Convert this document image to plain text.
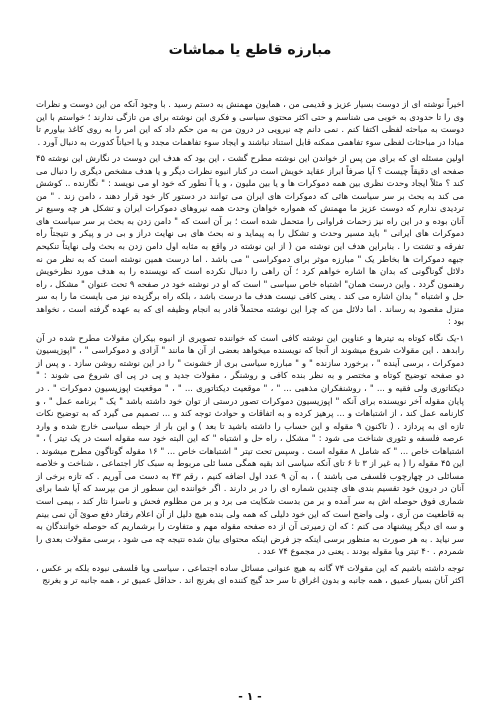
مبارزه قاطع یا مماشات

اخیراً نوشته ای از دوست بسیار عزیز و قدیمی من ، همایون مهمنش به دستم رسید . با وجود آنکه من این دوست و نظرات وی را تا حدودی به خوبی می شناسم و حتی اکثر محتوی سیاسی و فکری این نوشته برای من تازگی ندارند ؛ خواستم با این دوست به مباحثه لفظی اکتفا کنم . نمی دانم چه نیرویی در درون من به من حکم داد که این امر را به روی کاغذ بیاورم تا مبادا در مباحثات لفظی سوء تفاهمی ممکنه قابل استناد نباشند و ایجاد سوء تفاهمات مجدد و یا احیاناً کدورت به دنبال آورد .

اولین مسئله ای که برای من پس از خواندن این نوشته مطرح گشت ، این بود که هدف این دوست در نگارش این نوشته ۴۵ صفحه ای دقیقاً چیست ؟ آیا صرفاً ابراز عقاید خویش است در کنار انبوه نظرات دیگر و یا هدف مشخص دیگری را دنبال می کند ؟ مثلاً ایجاد وحدت نظری بین همه دموکرات ها و یا بین ملیون ، و یا آ نطور که خود او می نویسد : " نگارنده .. کوشش می کند به بحث بر سر سیاست هائی که دموکرات های ایران می توانند در دستور کار خود قرار دهند ، دامن زند . " من تردیدی ندارم که دوست عزیز ما مهمنش که همواره خواهان وحدت همه نیروهای دموکرات ایران و تشکل هر چه وسیع تر آنان بوده و در این راه نیز زحمات فراوانی را متحمل شده است ؛ بر آن است که " دامن زدن به بحث بر سر سیاست های دموکرات های ایرانی " باید مسیر وحدت و تشکل را به پیماید و نه بحث های بی نهایت دراز و بی در و پیکر و نتیجتاً راه تفرقه و تشتت را . بنابراین هدف این نوشته من ( از این نوشته در واقع به مثابه اول دامن زدن به بحث ولی نهایتاً تنکیحم جبهه دموکرات ها بخاطر یک " مبارزه موثر برای دموکراسی " می باشد . اما درست همین نوشته است که به نظر من نه دلائل گوناگونی که بدان ها اشاره خواهم کرد ؛ آن راهی را دنبال نکرده است که نویسنده را به هدف مورد نظرخویش رهنمون گردد . واین درست همان" اشتباه خاص سیاسی " است که او در نوشته خود در صفحه ۹ تحت عنوان " مشکل ، راه حل و اشتباه " بدان اشاره می کند . یعنی کافی نیست هدف ما درست باشد ، بلکه راه برگزیده نیز می بایست ما را به سر منزل مقصود به رساند . اما دلائل من که چرا این نوشته محتملاً قادر به انجام وظیفه ای که به عهده گرفته است ، نخواهد بود :

۱-یک نگاه کوتاه به تیترها و عناوین این نوشته کافی است که خواننده تصویری از انبوه بیکران مقولات مطرح شده در آن رابدهد . این مقولات شروع میشوند از آنجا که نویسنده میخواهد بعضی از آن ها مانند " آزادی و دموکراسی " ، "اپوزیسیون دموکرات ، برسی آینده " ، برخورد سازنده " و " مبارزه سیاسی بری از خشونت " را در این نوشته روشن سازد . و پس از دو صفحه توضیح کوتاه و مختصر و به نظر بنده کافی و روشنگر ، مقولات جدید و پی در پی ای شروع می شوند : " دیکتاتوری ولی فقیه و ... " ، روشنفکران مذهبی ... " ، " موقعیت دیکتاتوری ... " ، " موقعیت اپوزیسیون دموکرات " . در پایان مقوله آخر نویسنده برای آنکه " اپوزیسیون دموکرات تصور درستی از توان خود داشته باشد " یک " برنامه عمل " ، و کارنامه عمل کند ، از اشتباهات و ... پرهیز کرده و به اتفاقات و حوادث توجه کند و ... تصمیم می گیرد که به توضیح نکات تازه ای به پردازد . ( تاکنون ۹ مقوله و این حساب را داشته باشید تا بعد ) و این بار از حیطه سیاسی خارج شده و وارد عرصه فلسفه و تئوری شناخت می شود : " مشکل ، راه حل و اشتباه " که این البته خود سه مقوله است در یک تیتر ) ، " اشتباهات خاص ... " که شامل ۸ مقوله است . وسپس تحت تیتر " اشتباهات خاص ... " ۱۶ مقوله گوناگون مطرح میشوند . این ۴۵ مقوله را ( به غیر از ۳ تا ۶ تای آنکه سیاسی اند بقیه همگی مسا ئلی مربوط به سبک کار اجتماعی ، شناخت و خلاصه مسائلی در چهارچوب فلسفی می باشند ) ، به آن ۹ عدد اول اضافه کنیم ، رقم ۴۳ به دست می آوریم . که تازه برخی از آنان در درون خود تقسیم بندی های چندین شماره ای را در بر دارند . اگر خواننده این سطور از من بپرسد که آیا شما برای شماری فوق حوصله اش به سر آمده و بر من بدست شکایت می برد و بر من مظلوم فحش و ناسزا نثار کند ، بیمی است به قاطعیت من آری ، ولی واضح است که این خود دلیلی که همه ولی بنده هیچ دلیل از آن اعلام رفتار دفع صوئ آن نمی بینم و سه ای دیگر پیشنهاد می کنم : که ان زمیرتی آن از ده صفحه مقوله مهم و متفاوت را برشماریم که حوصله خوانندگان به سر نیاید . به هر صورت به منظور برسی اینکه جز فرض اینکه محتوای بیان شده نتیجه چه می شود ، برسی مقولات بعدی را شمردم . ۴۰ تیتر ویا مقوله بودند . یعنی در مجموع ۷۴ عدد .

توجه داشته باشیم که این مقولات ۷۴ گانه به هیچ عنوانی مسائل ساده اجتماعی ، سیاسی ویا فلسفی نبوده بلکه بر عکس ، اکثر آنان بسیار عمیق ، همه جانبه و بدون اغراق تا سر حد گیج کننده ای بغرنج اند . حداقل عمیق تر ، همه جانبه تر و بغرنج

- ۱ -
